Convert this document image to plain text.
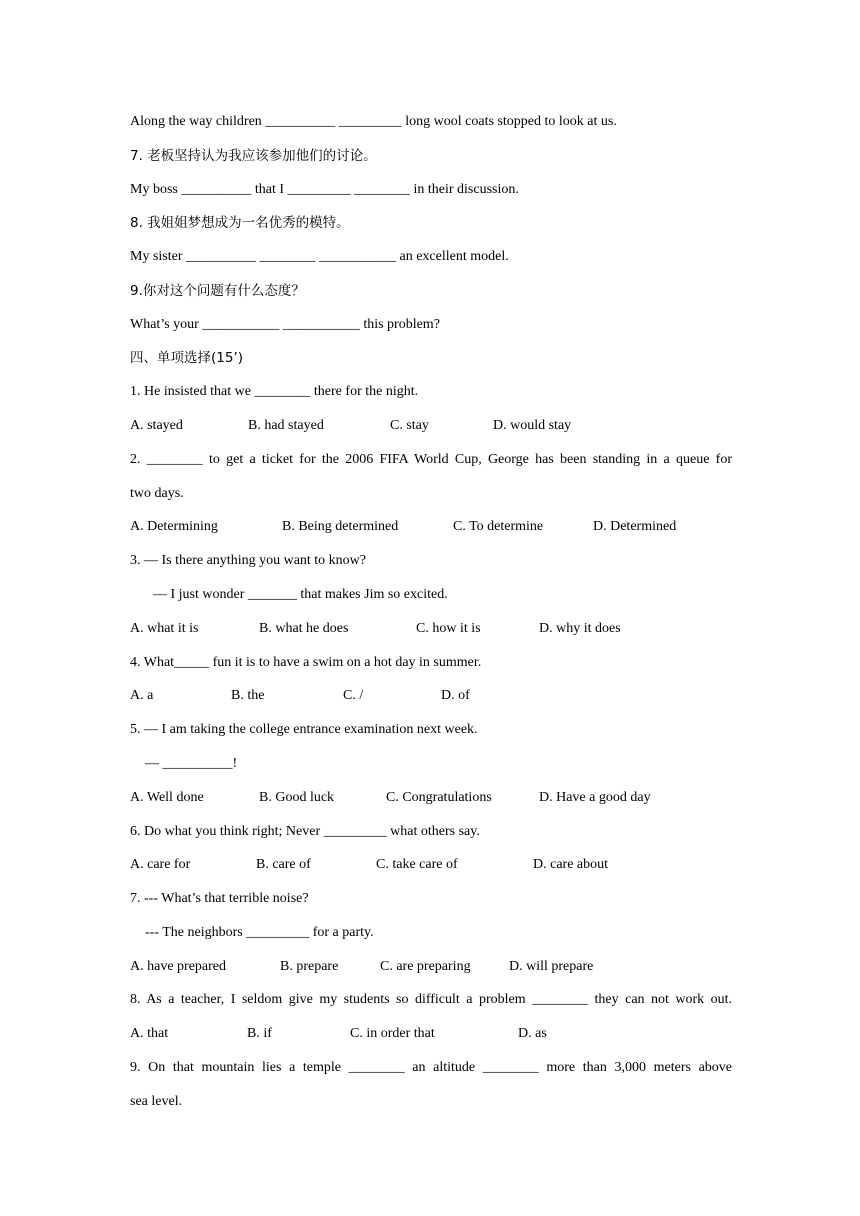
Along the way children __________ _________ long wool coats stopped to look at us.
7. 老板坚持认为我应该参加他们的讨论。
My boss __________ that I _________ ________ in their discussion.
8. 我姐姐梦想成为一名优秀的模特。
My sister __________ ________ ___________ an excellent model.
9.你对这个问题有什么态度？
What’s your ___________ ___________ this problem?
四、单项选择(15’)
1. He insisted that we ________ there for the night.
A. stayed	B. had stayed	C. stay	D. would stay
2. ________ to get a ticket for the 2006 FIFA World Cup, George has been standing in a queue for
two days.
A. Determining	B. Being determined	C. To determine	D. Determined
3. — Is there anything you want to know?
— I just wonder _______ that makes Jim so excited.
A. what it is	B. what he does	C. how it is	D. why it does
4. What_____ fun it is to have a swim on a hot day in summer.
A. a	B. the	C. /	D. of
5. — I am taking the college entrance examination next week.
— __________!
A. Well done	B. Good luck	C. Congratulations	D. Have a good day
6. Do what you think right; Never _________ what others say.
A. care for	B. care of	C. take care of	D. care about
7. --- What’s that terrible noise?
--- The neighbors _________ for a party.
A. have prepared	B. prepare	C. are preparing	D. will prepare
8. As a teacher, I seldom give my students so difficult a problem ________ they can not work out.
A. that	B. if	C. in order that	D. as
9. On that mountain lies a temple ________ an altitude ________ more than 3,000 meters above
sea level.
